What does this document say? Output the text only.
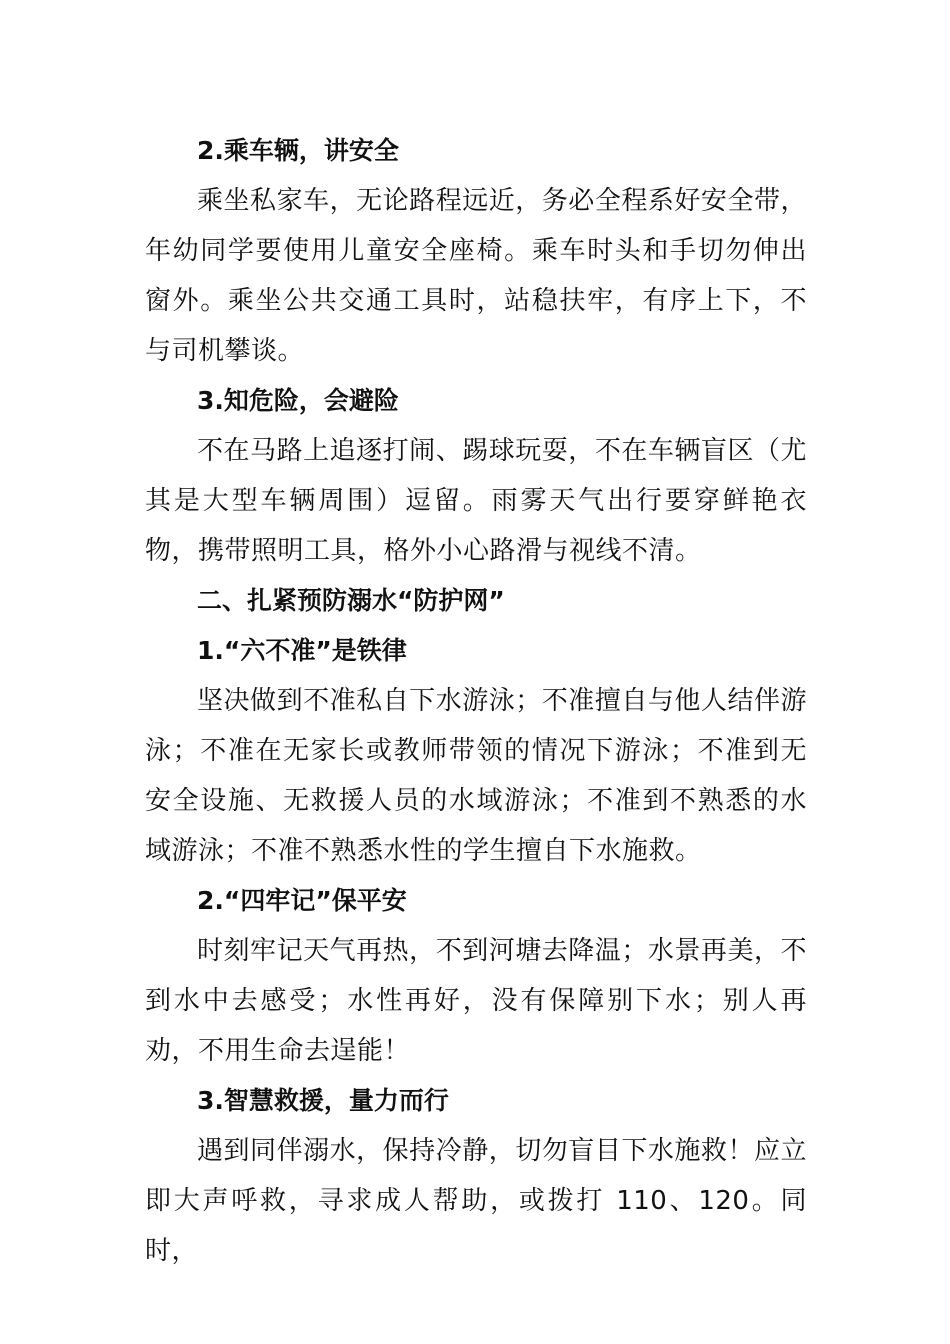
2.乘车辆，讲安全

乘坐私家车，无论路程远近，务必全程系好安全带，年幼同学要使用儿童安全座椅。乘车时头和手切勿伸出窗外。乘坐公共交通工具时，站稳扶牢，有序上下，不与司机攀谈。

3.知危险，会避险

不在马路上追逐打闹、踢球玩耍，不在车辆盲区（尤其是大型车辆周围）逗留。雨雾天气出行要穿鲜艳衣物，携带照明工具，格外小心路滑与视线不清。

二、扎紧预防溺水“防护网”

1.“六不准”是铁律

坚决做到不准私自下水游泳；不准擅自与他人结伴游泳；不准在无家长或教师带领的情况下游泳；不准到无安全设施、无救援人员的水域游泳；不准到不熟悉的水域游泳；不准不熟悉水性的学生擅自下水施救。

2.“四牢记”保平安

时刻牢记天气再热，不到河塘去降温；水景再美，不到水中去感受；水性再好，没有保障别下水；别人再劝，不用生命去逞能！

3.智慧救援，量力而行

遇到同伴溺水，保持冷静，切勿盲目下水施救！应立即大声呼救，寻求成人帮助，或拨打 110、120。同时，
